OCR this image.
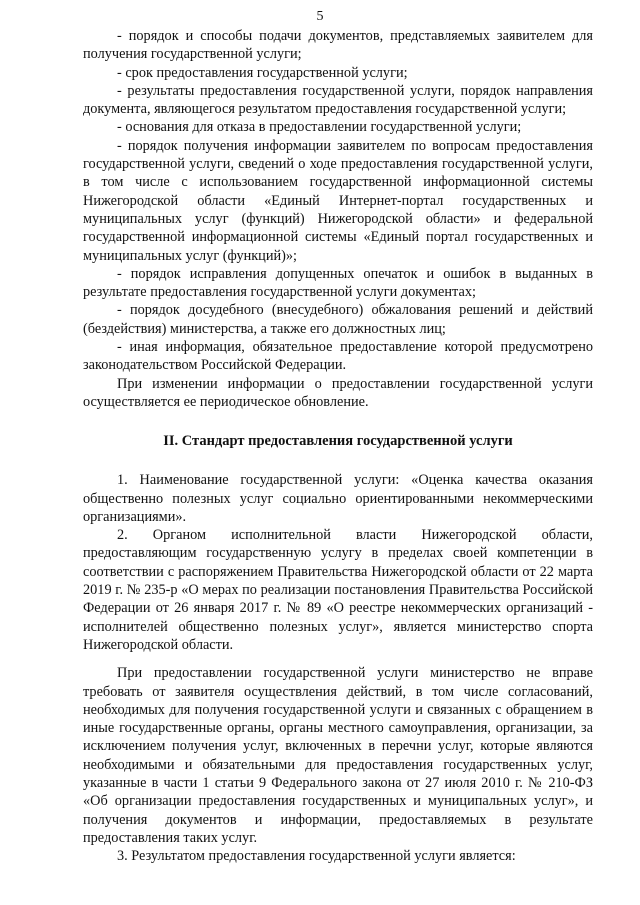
5

- порядок и способы подачи документов, представляемых заявителем для получения государственной услуги;

- срок предоставления государственной услуги;

- результаты предоставления государственной услуги, порядок направления документа, являющегося результатом предоставления государственной услуги;

- основания для отказа в предоставлении государственной услуги;

- порядок получения информации заявителем по вопросам предоставления государственной услуги, сведений о ходе предоставления государственной услуги, в том числе с использованием государственной информационной системы Нижегородской области «Единый Интернет-портал государственных и муниципальных услуг (функций) Нижегородской области» и федеральной государственной информационной системы «Единый портал государственных и муниципальных услуг (функций)»;

- порядок исправления допущенных опечаток и ошибок в выданных в результате предоставления государственной услуги документах;

- порядок досудебного (внесудебного) обжалования решений и действий (бездействия) министерства, а также его должностных лиц;

- иная информация, обязательное предоставление которой предусмотрено законодательством Российской Федерации.

При изменении информации о предоставлении государственной услуги осуществляется ее периодическое обновление.

II. Стандарт предоставления государственной услуги

1. Наименование государственной услуги: «Оценка качества оказания общественно полезных услуг социально ориентированными некоммерческими организациями».

2. Органом исполнительной власти Нижегородской области, предоставляющим государственную услугу в пределах своей компетенции в соответствии с распоряжением Правительства Нижегородской области от 22 марта 2019 г. № 235-р «О мерах по реализации постановления Правительства Российской Федерации от 26 января 2017 г. № 89 «О реестре некоммерческих организаций - исполнителей общественно полезных услуг», является министерство спорта Нижегородской области.

При предоставлении государственной услуги министерство не вправе требовать от заявителя осуществления действий, в том числе согласований, необходимых для получения государственной услуги и связанных с обращением в иные государственные органы, органы местного самоуправления, организации, за исключением получения услуг, включенных в перечни услуг, которые являются необходимыми и обязательными для предоставления государственных услуг, указанные в части 1 статьи 9 Федерального закона от 27 июля 2010 г. № 210-ФЗ «Об организации предоставления государственных и муниципальных услуг», и получения документов и информации, предоставляемых в результате предоставления таких услуг.

3. Результатом предоставления государственной услуги является:
